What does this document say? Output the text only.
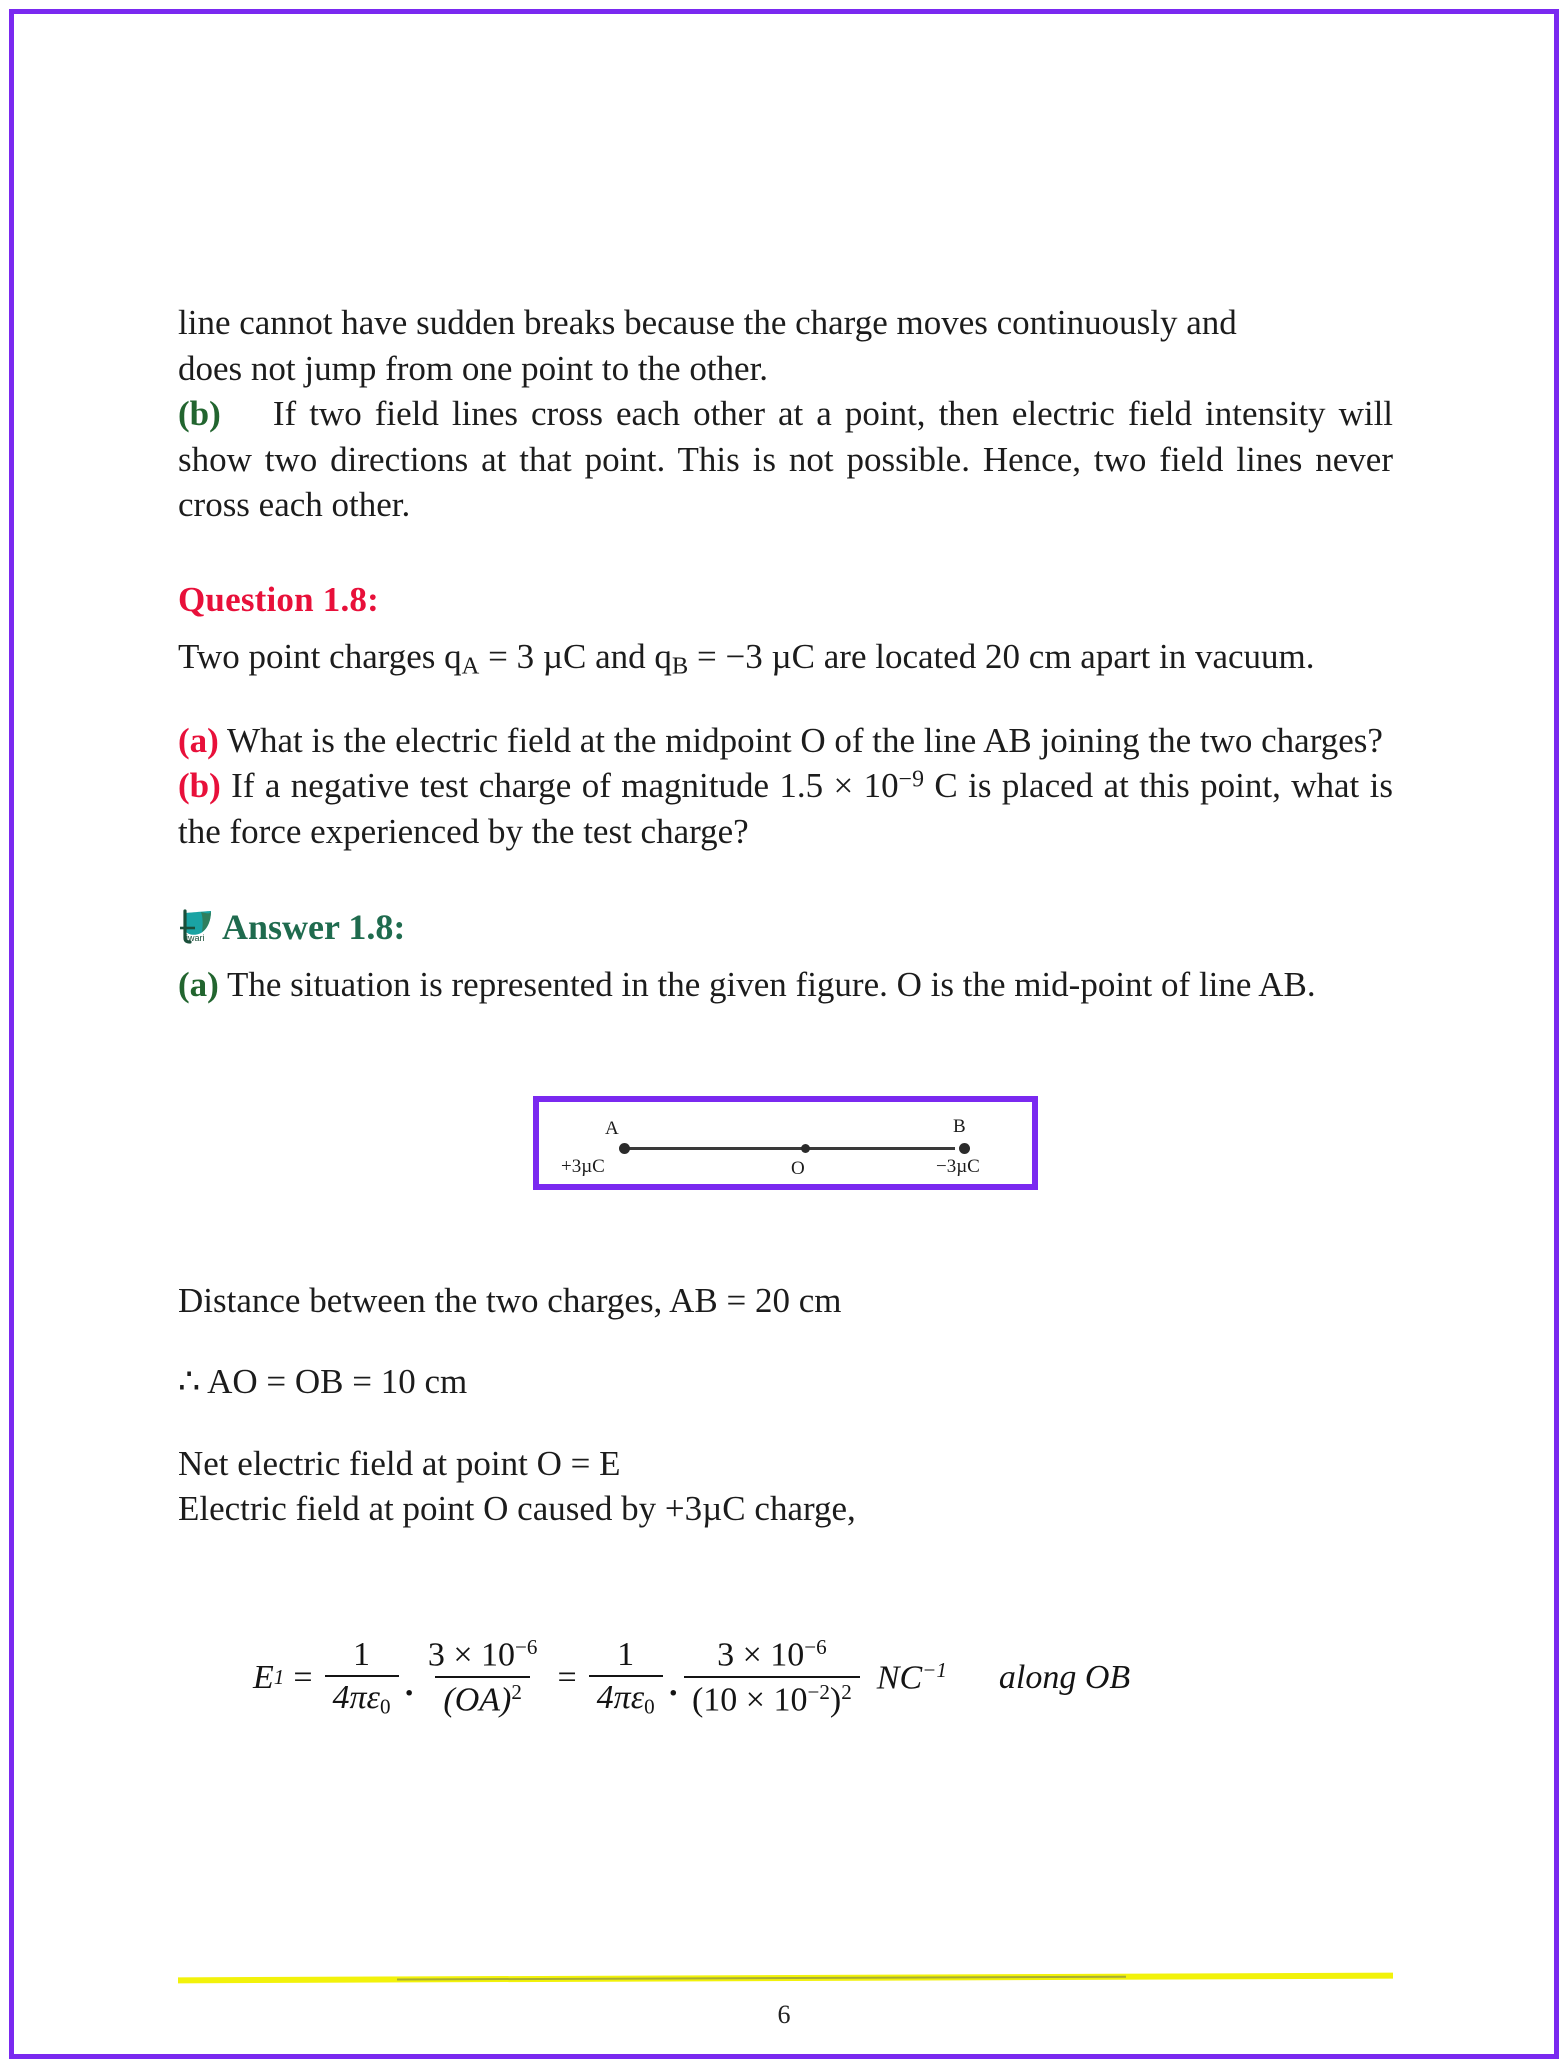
line cannot have sudden breaks because the charge moves continuously and
does not jump from one point to the other.
(b) If two field lines cross each other at a point, then electric field intensity will show two directions at that point. This is not possible. Hence, two field lines never cross each other.
Question 1.8:
Two point charges $q_A = 3$ µC and $q_B = -3$ µC are located 20 cm apart in vacuum.
(a) What is the electric field at the midpoint O of the line AB joining the two charges?
(b) If a negative test charge of magnitude $1.5 \times 10^{-9}$ C is placed at this point, what is the force experienced by the test charge?
iwari Answer 1.8:
(a) The situation is represented in the given figure. O is the mid-point of line AB.
A
+3µC	O
B
−3µC
Distance between the two charges, AB = 20 cm
∴ AO = OB = 10 cm
Net electric field at point O = E
Electric field at point O caused by +3µC charge,
E $1 = \frac{1}{4\pi\varepsilon 0} \cdot \frac{3 \times 10^{-6}}{(OA)^2} = \frac{1}{4\pi\varepsilon 0} \cdot \frac{3 \times 10^{-6}}{(10 \times 10^{-2})^2} NC^{-1}$ along OB
6
